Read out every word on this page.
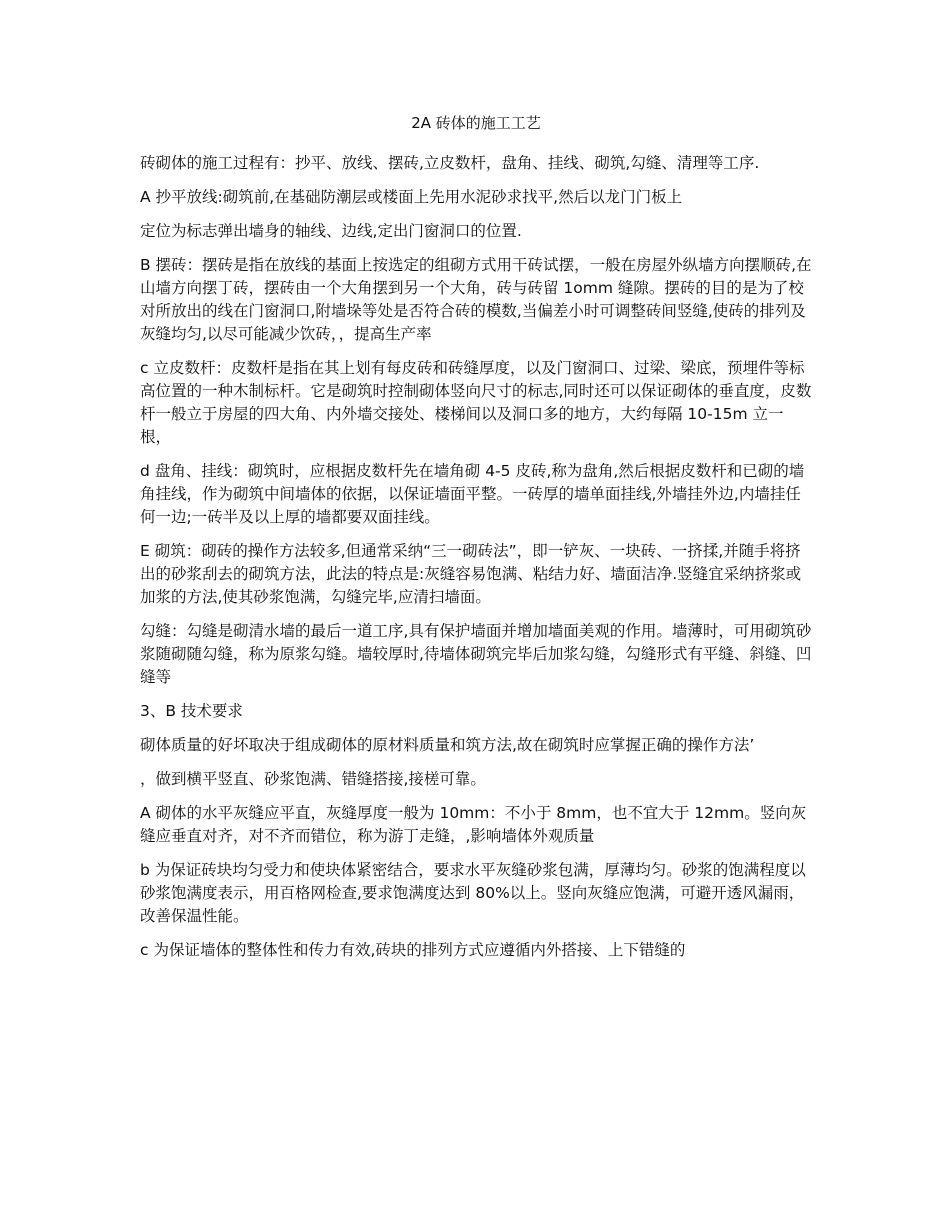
2A 砖体的施工工艺

砖砌体的施工过程有：抄平、放线、摆砖,立皮数杆，盘角、挂线、砌筑,勾缝、清理等工序.

A 抄平放线:砌筑前,在基础防潮层或楼面上先用水泥砂求找平,然后以龙门门板上

定位为标志弹出墙身的轴线、边线,定出门窗洞口的位置.

B 摆砖：摆砖是指在放线的基面上按选定的组砌方式用干砖试摆，一般在房屋外纵墙方向摆顺砖,在山墙方向摆丁砖，摆砖由一个大角摆到另一个大角，砖与砖留 1omm 缝隙。摆砖的目的是为了校对所放出的线在门窗洞口,附墙垛等处是否符合砖的模数,当偏差小时可调整砖间竖缝,使砖的排列及灰缝均匀,以尽可能减少饮砖，，提高生产率

c 立皮数杆：皮数杆是指在其上划有每皮砖和砖缝厚度，以及门窗洞口、过梁、梁底，预埋件等标高位置的一种木制标杆。它是砌筑时控制砌体竖向尺寸的标志,同时还可以保证砌体的垂直度，皮数杆一般立于房屋的四大角、内外墙交接处、楼梯间以及洞口多的地方，大约每隔 10-15m 立一根，

d 盘角、挂线：砌筑时，应根据皮数杆先在墙角砌 4-5 皮砖,称为盘角,然后根据皮数杆和已砌的墙角挂线，作为砌筑中间墙体的依据，以保证墙面平整。一砖厚的墙单面挂线,外墙挂外边,内墙挂任何一边;一砖半及以上厚的墙都要双面挂线。

E 砌筑：砌砖的操作方法较多,但通常采纳“三一砌砖法”，即一铲灰、一块砖、一挤揉,并随手将挤出的砂浆刮去的砌筑方法，此法的特点是:灰缝容易饱满、粘结力好、墙面洁净.竖缝宜采纳挤浆或加浆的方法,使其砂浆饱满，勾缝完毕,应清扫墙面。

勾缝：勾缝是砌清水墙的最后一道工序,具有保护墙面并增加墙面美观的作用。墙薄时，可用砌筑砂浆随砌随勾缝，称为原浆勾缝。墙较厚时,待墙体砌筑完毕后加浆勾缝，勾缝形式有平缝、斜缝、凹缝等

3、B 技术要求

砌体质量的好坏取决于组成砌体的原材料质量和筑方法,故在砌筑时应掌握正确的操作方法’

，做到横平竖直、砂浆饱满、错缝搭接,接槎可靠。

A 砌体的水平灰缝应平直，灰缝厚度一般为 10mm：不小于 8mm，也不宜大于 12mm。竖向灰缝应垂直对齐，对不齐而错位，称为游丁走缝，,影响墙体外观质量

b 为保证砖块均匀受力和使块体紧密结合，要求水平灰缝砂浆包满，厚薄均匀。砂浆的饱满程度以砂浆饱满度表示，用百格网检查,要求饱满度达到 80%以上。竖向灰缝应饱满，可避开透风漏雨，改善保温性能。

c 为保证墙体的整体性和传力有效,砖块的排列方式应遵循内外搭接、上下错缝的
